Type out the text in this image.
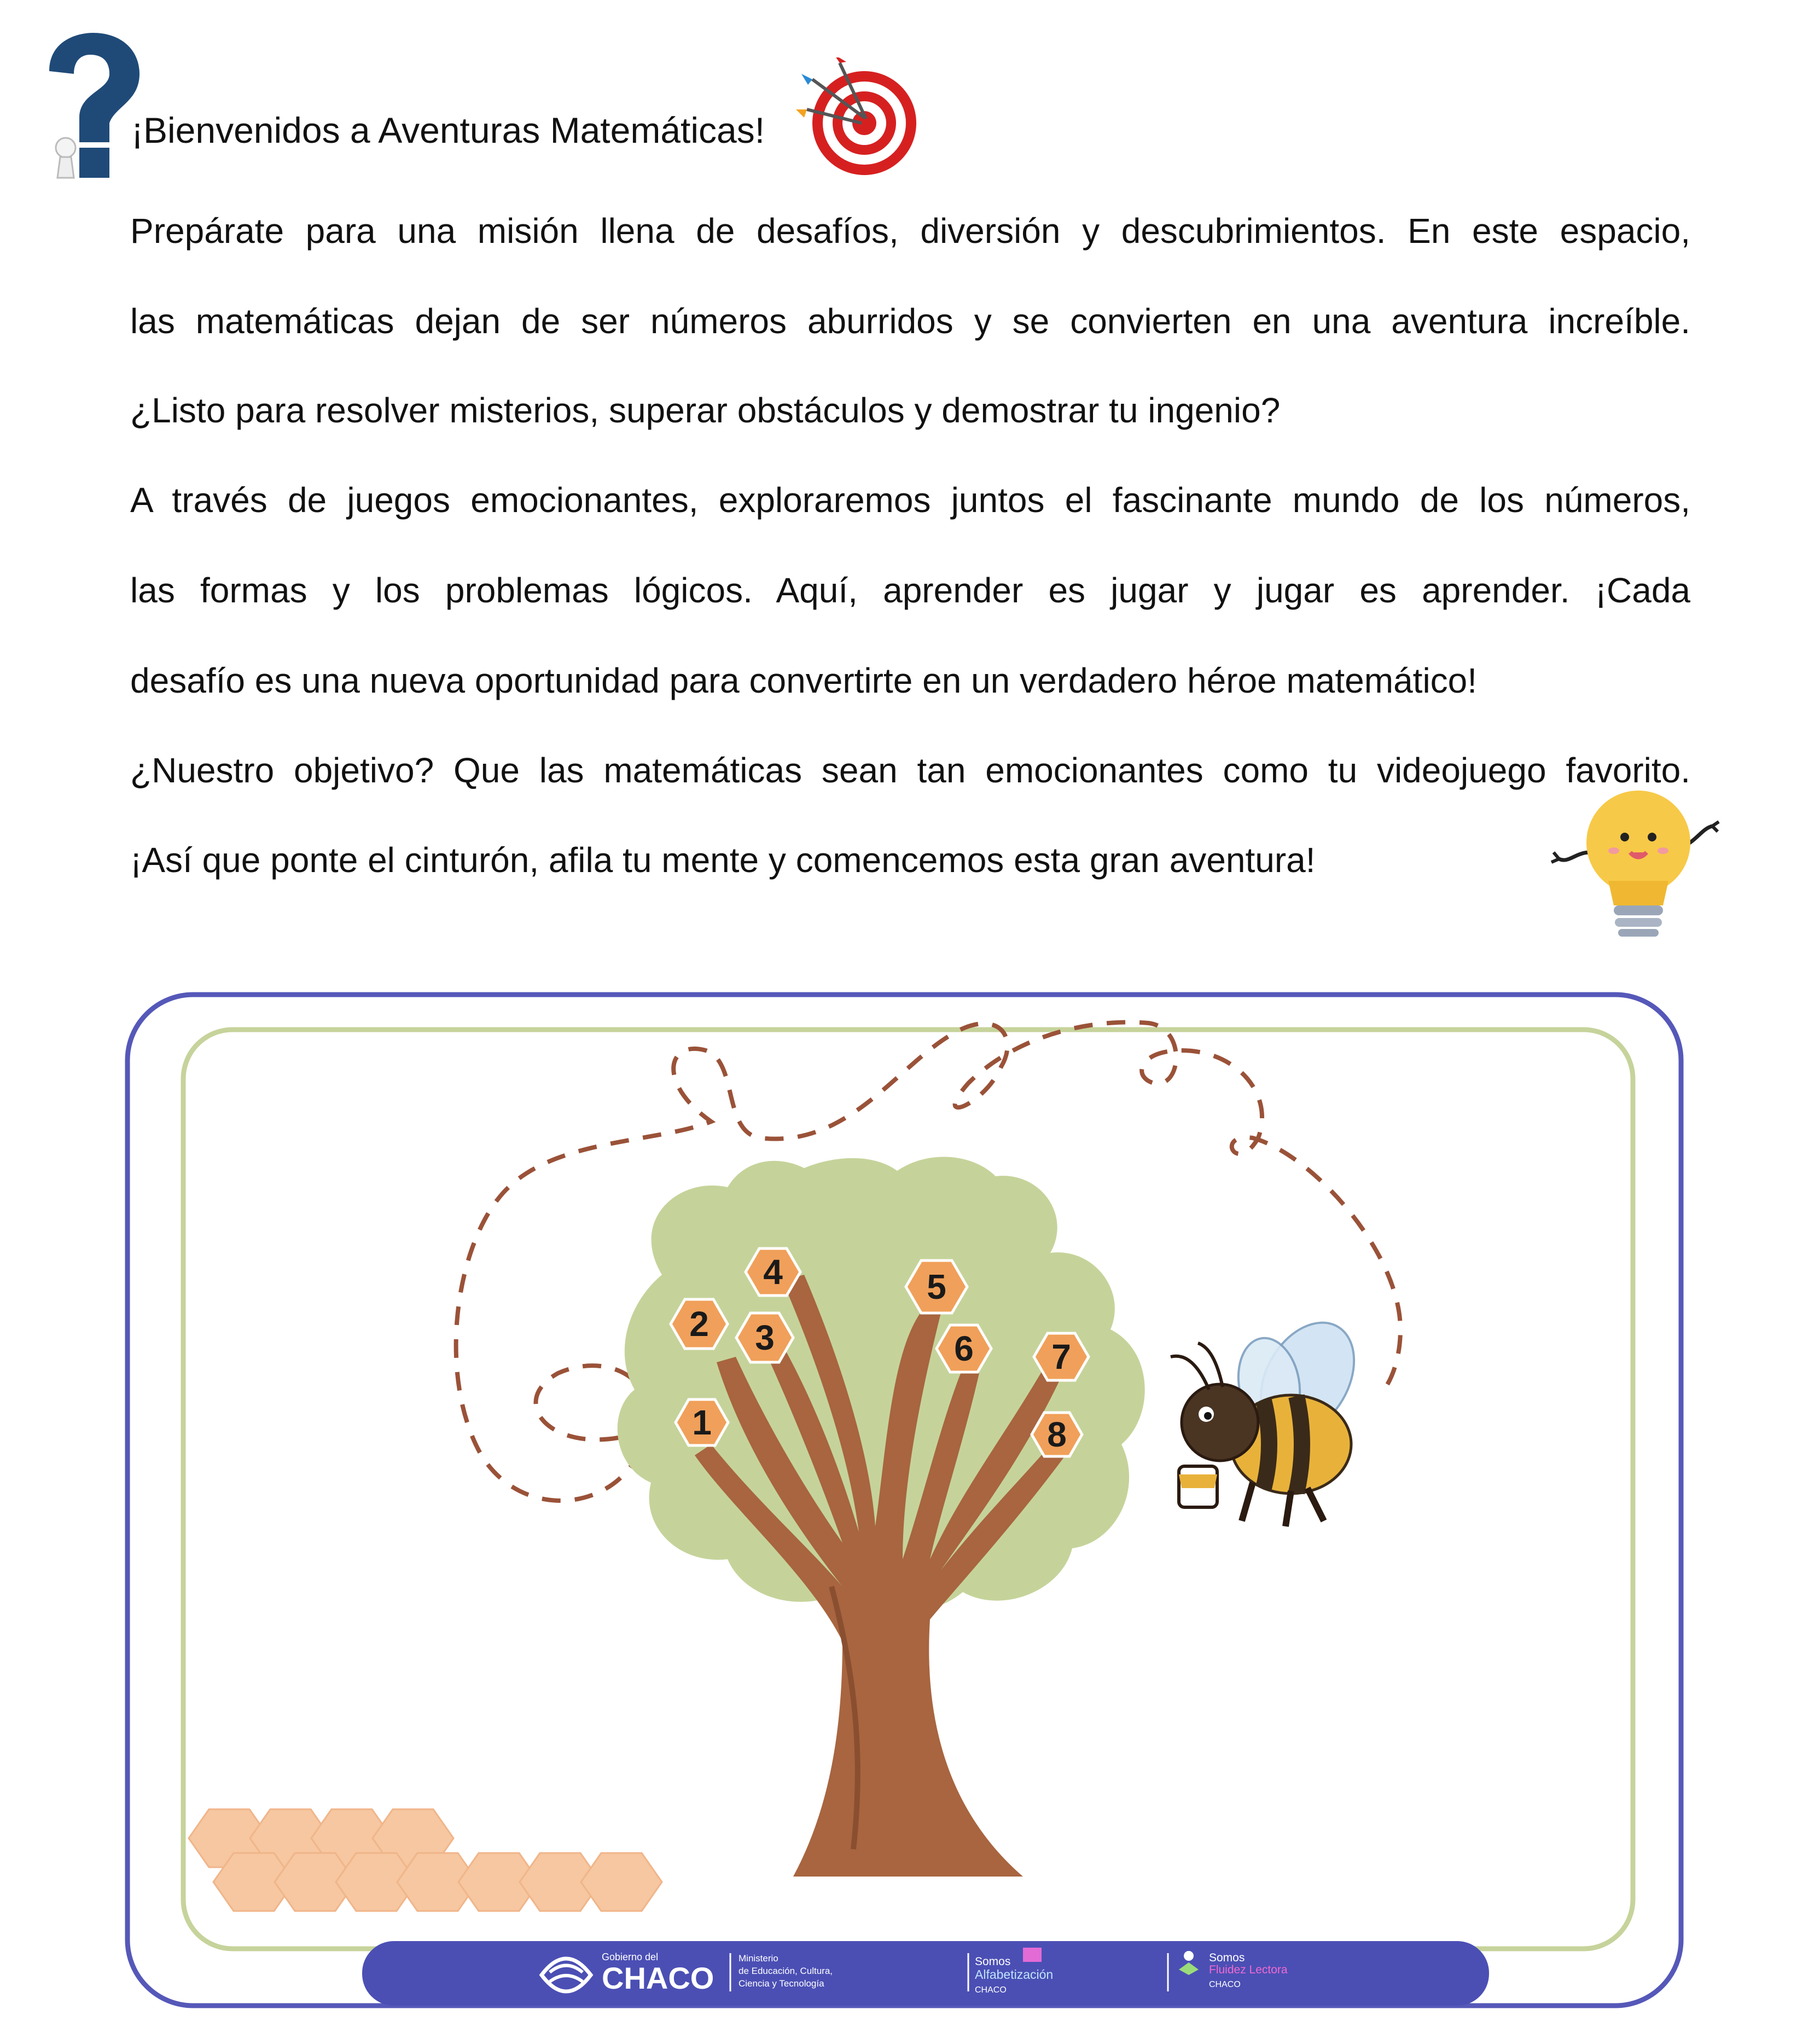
¡Bienvenidos a Aventuras Matemáticas!
Prepárate para una misión llena de desafíos, diversión y descubrimientos. En este espacio,
las matemáticas dejan de ser números aburridos y se convierten en una aventura increíble.
¿Listo para resolver misterios, superar obstáculos y demostrar tu ingenio?
A través de juegos emocionantes, exploraremos juntos el fascinante mundo de los números,
las formas y los problemas lógicos. Aquí, aprender es jugar y jugar es aprender. ¡Cada
desafío es una nueva oportunidad para convertirte en un verdadero héroe matemático!
¿Nuestro objetivo? Que las matemáticas sean tan emocionantes como tu videojuego favorito.
¡Así que ponte el cinturón, afila tu mente y comencemos esta gran aventura!
1
2 3
4	5
6 7
8
Gobierno del
CHACO
Ministerio
de Educación, Cultura,
Ciencia y Tecnología
Somos
Alfabetización
CHACO
Somos
Fluidez Lectora
CHACO
